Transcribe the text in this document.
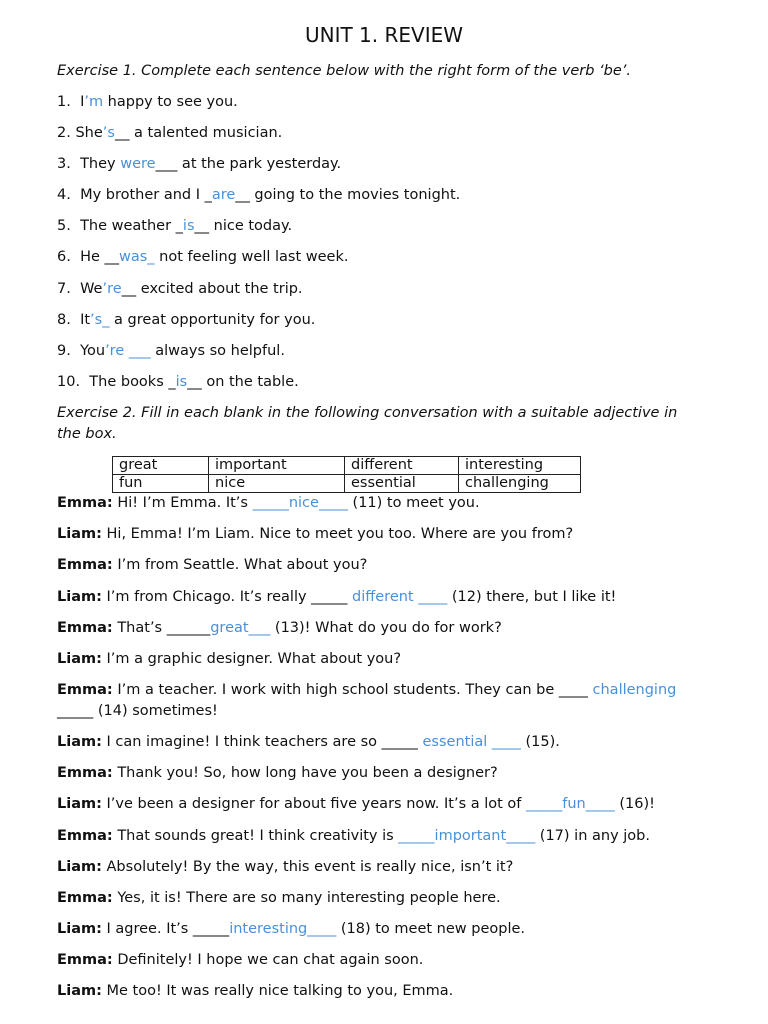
UNIT 1. REVIEW
Exercise 1. Complete each sentence below with the right form of the verb ‘be’.
1. I’m happy to see you.
2. She’s__ a talented musician.
3. They were___ at the park yesterday.
4. My brother and I _are__ going to the movies tonight.
5. The weather _is__ nice today.
6. He __was_ not feeling well last week.
7. We’re__ excited about the trip.
8. It’s_ a great opportunity for you.
9. You’re ___ always so helpful.
10. The books _is__ on the table.
Exercise 2. Fill in each blank in the following conversation with a suitable adjective in
the box.
great	important	different	interesting
fun	nice	essential	challenging
Emma: Hi! I’m Emma. It’s _____nice____ (11) to meet you.
Liam: Hi, Emma! I’m Liam. Nice to meet you too. Where are you from?
Emma: I’m from Seattle. What about you?
Liam: I’m from Chicago. It’s really _____ different ____ (12) there, but I like it!
Emma: That’s ______great___ (13)! What do you do for work?
Liam: I’m a graphic designer. What about you?
Emma: I’m a teacher. I work with high school students. They can be ____ challenging
_____ (14) sometimes!
Liam: I can imagine! I think teachers are so _____ essential ____ (15).
Emma: Thank you! So, how long have you been a designer?
Liam: I’ve been a designer for about five years now. It’s a lot of _____fun____ (16)!
Emma: That sounds great! I think creativity is _____important____ (17) in any job.
Liam: Absolutely! By the way, this event is really nice, isn’t it?
Emma: Yes, it is! There are so many interesting people here.
Liam: I agree. It’s _____interesting____ (18) to meet new people.
Emma: Definitely! I hope we can chat again soon.
Liam: Me too! It was really nice talking to you, Emma.
